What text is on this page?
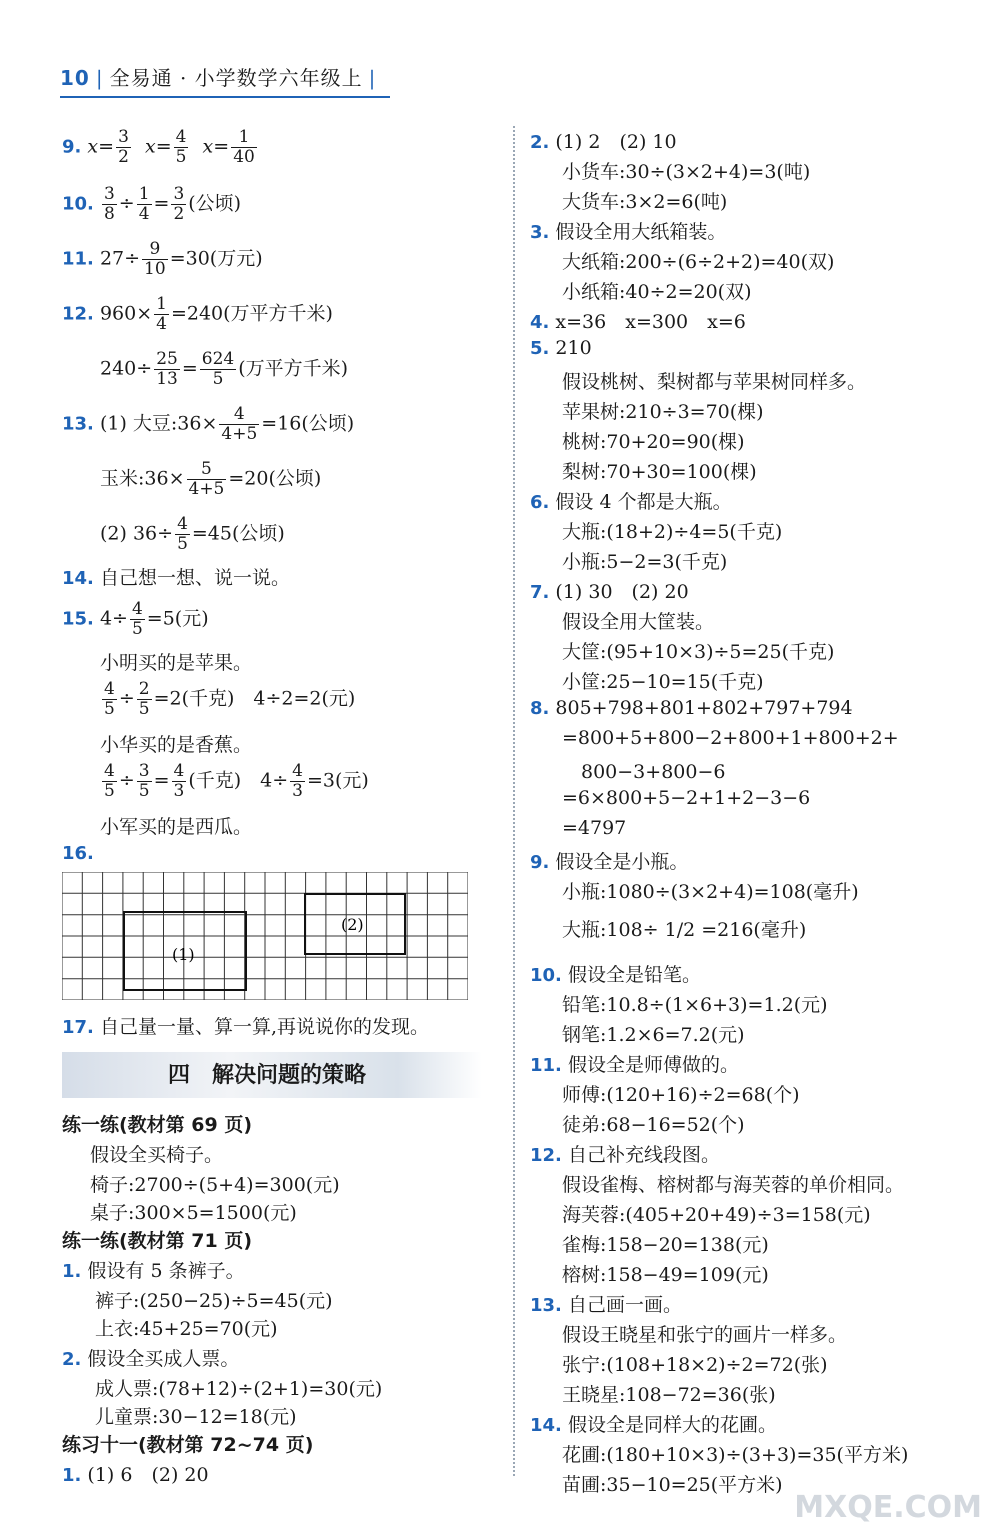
10 | 全易通 · 小学数学六年级上 |
9. $x= \frac{3}{2} x= \frac{4}{5} x= \frac{1}{40}$
10. $\frac{3}{8} \div \frac{1}{4} = \frac{3}{2}$ (公顷)
11. $27\div \frac{9}{10} =30$(万元)
12. $960\times \frac{1}{4} =240$(万平方千米)
$240\div \frac{25}{13} = \frac{624}{5}$ (万平方千米)
13. (1) 大豆:36× $\frac{4}{4+5} =16$(公顷)
玉米:36× $\frac{5}{4+5} =20$(公顷)
(2) $36\div \frac{4}{5} =45$(公顷)
14. 自己想一想、说一说。
15. $4\div \frac{4}{5} =5$(元)
小明买的是苹果。
$\frac{4}{5} \div \frac{2}{5} =2$(千克)　4÷2=2(元)
小华买的是香蕉。
$\frac{4}{5} \div \frac{3}{5} = \frac{4}{3}$ (千克)　$4\div \frac{4}{3} =3$(元)
小军买的是西瓜。
16.
(1)
(2)
17. 自己量一量、算一算,再说说你的发现。
四　解决问题的策略
练一练(教材第 69 页)
假设全买椅子。
椅子:2700÷(5+4)=300(元)
桌子:300×5=1500(元)
练一练(教材第 71 页)
1. 假设有 5 条裤子。
裤子:(250−25)÷5=45(元)
上衣:45+25=70(元)
2. 假设全买成人票。
成人票:(78+12)÷(2+1)=30(元)
儿童票:30−12=18(元)
练习十一(教材第 72~74 页)
1. (1) 6　(2) 20
2. (1) 2　(2) 10
小货车:30÷(3×2+4)=3(吨)
大货车:3×2=6(吨)
3. 假设全用大纸箱装。
大纸箱:200÷(6÷2+2)=40(双)
小纸箱:40÷2=20(双)
4. x=36　x=300　x=6
5. 210
假设桃树、梨树都与苹果树同样多。
苹果树:210÷3=70(棵)
桃树:70+20=90(棵)
梨树:70+30=100(棵)
6. 假设 4 个都是大瓶。
大瓶:(18+2)÷4=5(千克)
小瓶:5−2=3(千克)
7. (1) 30　(2) 20
假设全用大筐装。
大筐:(95+10×3)÷5=25(千克)
小筐:25−10=15(千克)
8. 805+798+801+802+797+794
=800+5+800−2+800+1+800+2+
　800−3+800−6
=6×800+5−2+1+2−3−6
=4797
9. 假设全是小瓶。
小瓶:1080÷(3×2+4)=108(毫升)
大瓶:108÷ 1/2 =216(毫升)
10. 假设全是铅笔。
铅笔:10.8÷(1×6+3)=1.2(元)
钢笔:1.2×6=7.2(元)
11. 假设全是师傅做的。
师傅:(120+16)÷2=68(个)
徒弟:68−16=52(个)
12. 自己补充线段图。
假设雀梅、榕树都与海芙蓉的单价相同。
海芙蓉:(405+20+49)÷3=158(元)
雀梅:158−20=138(元)
榕树:158−49=109(元)
13. 自己画一画。
假设王晓星和张宁的画片一样多。
张宁:(108+18×2)÷2=72(张)
王晓星:108−72=36(张)
14. 假设全是同样大的花圃。
花圃:(180+10×3)÷(3+3)=35(平方米)
苗圃:35−10=25(平方米)
MXQE.COM
